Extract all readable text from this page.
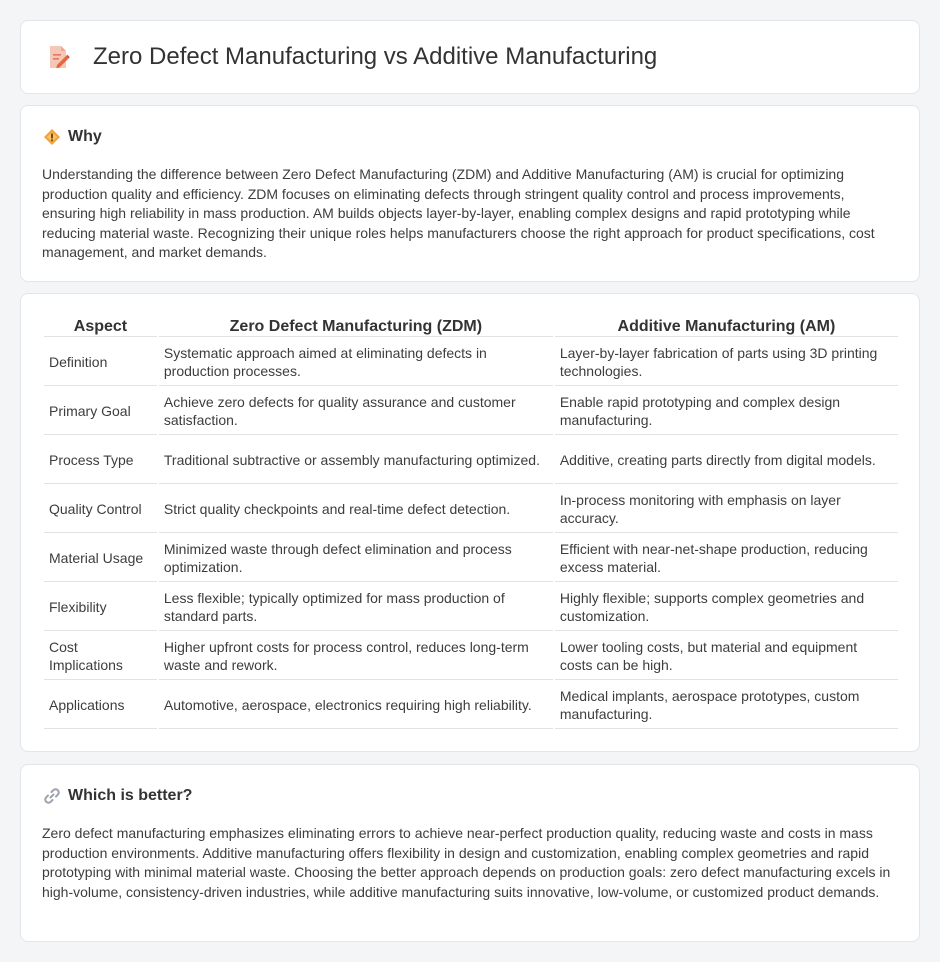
Zero Defect Manufacturing vs Additive Manufacturing
Why

Understanding the difference between Zero Defect Manufacturing (ZDM) and Additive Manufacturing (AM) is crucial for optimizing production quality and efficiency. ZDM focuses on eliminating defects through stringent quality control and process improvements, ensuring high reliability in mass production. AM builds objects layer-by-layer, enabling complex designs and rapid prototyping while reducing material waste. Recognizing their unique roles helps manufacturers choose the right approach for product specifications, cost management, and market demands.

Aspect	Zero Defect Manufacturing (ZDM)	Additive Manufacturing (AM)
Definition	Systematic approach aimed at eliminating defects in production processes.	Layer-by-layer fabrication of parts using 3D printing technologies.
Primary Goal	Achieve zero defects for quality assurance and customer satisfaction.	Enable rapid prototyping and complex design manufacturing.
Process Type	Traditional subtractive or assembly manufacturing optimized.	Additive, creating parts directly from digital models.
Quality Control	Strict quality checkpoints and real-time defect detection.	In-process monitoring with emphasis on layer accuracy.
Material Usage	Minimized waste through defect elimination and process optimization.	Efficient with near-net-shape production, reducing excess material.
Flexibility	Less flexible; typically optimized for mass production of standard parts.	Highly flexible; supports complex geometries and customization.
Cost Implications	Higher upfront costs for process control, reduces long-term waste and rework.	Lower tooling costs, but material and equipment costs can be high.
Applications	Automotive, aerospace, electronics requiring high reliability.	Medical implants, aerospace prototypes, custom manufacturing.
Which is better?

Zero defect manufacturing emphasizes eliminating errors to achieve near-perfect production quality, reducing waste and costs in mass production environments. Additive manufacturing offers flexibility in design and customization, enabling complex geometries and rapid prototyping with minimal material waste. Choosing the better approach depends on production goals: zero defect manufacturing excels in high-volume, consistency-driven industries, while additive manufacturing suits innovative, low-volume, or customized product demands.
